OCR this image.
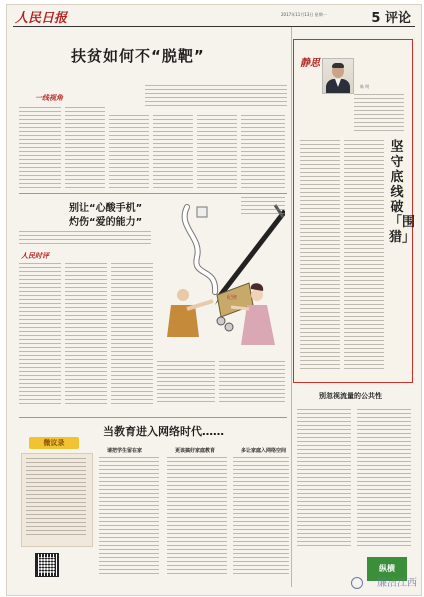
人民日报	2017年11月13日 星期一	5 评论
扶贫如何不“脱靶”
一线视角
别让“心酸手机”
灼伤“爱的能力”
人民时评
纪律
静思
陈 明
坚守底线破「围猎」
别忽视流量的公共性
微议录
当教育进入网络时代……
请把学生留在家	更该搞好家庭教育	多让家庭入网络空间
纵横
廉洁江西
